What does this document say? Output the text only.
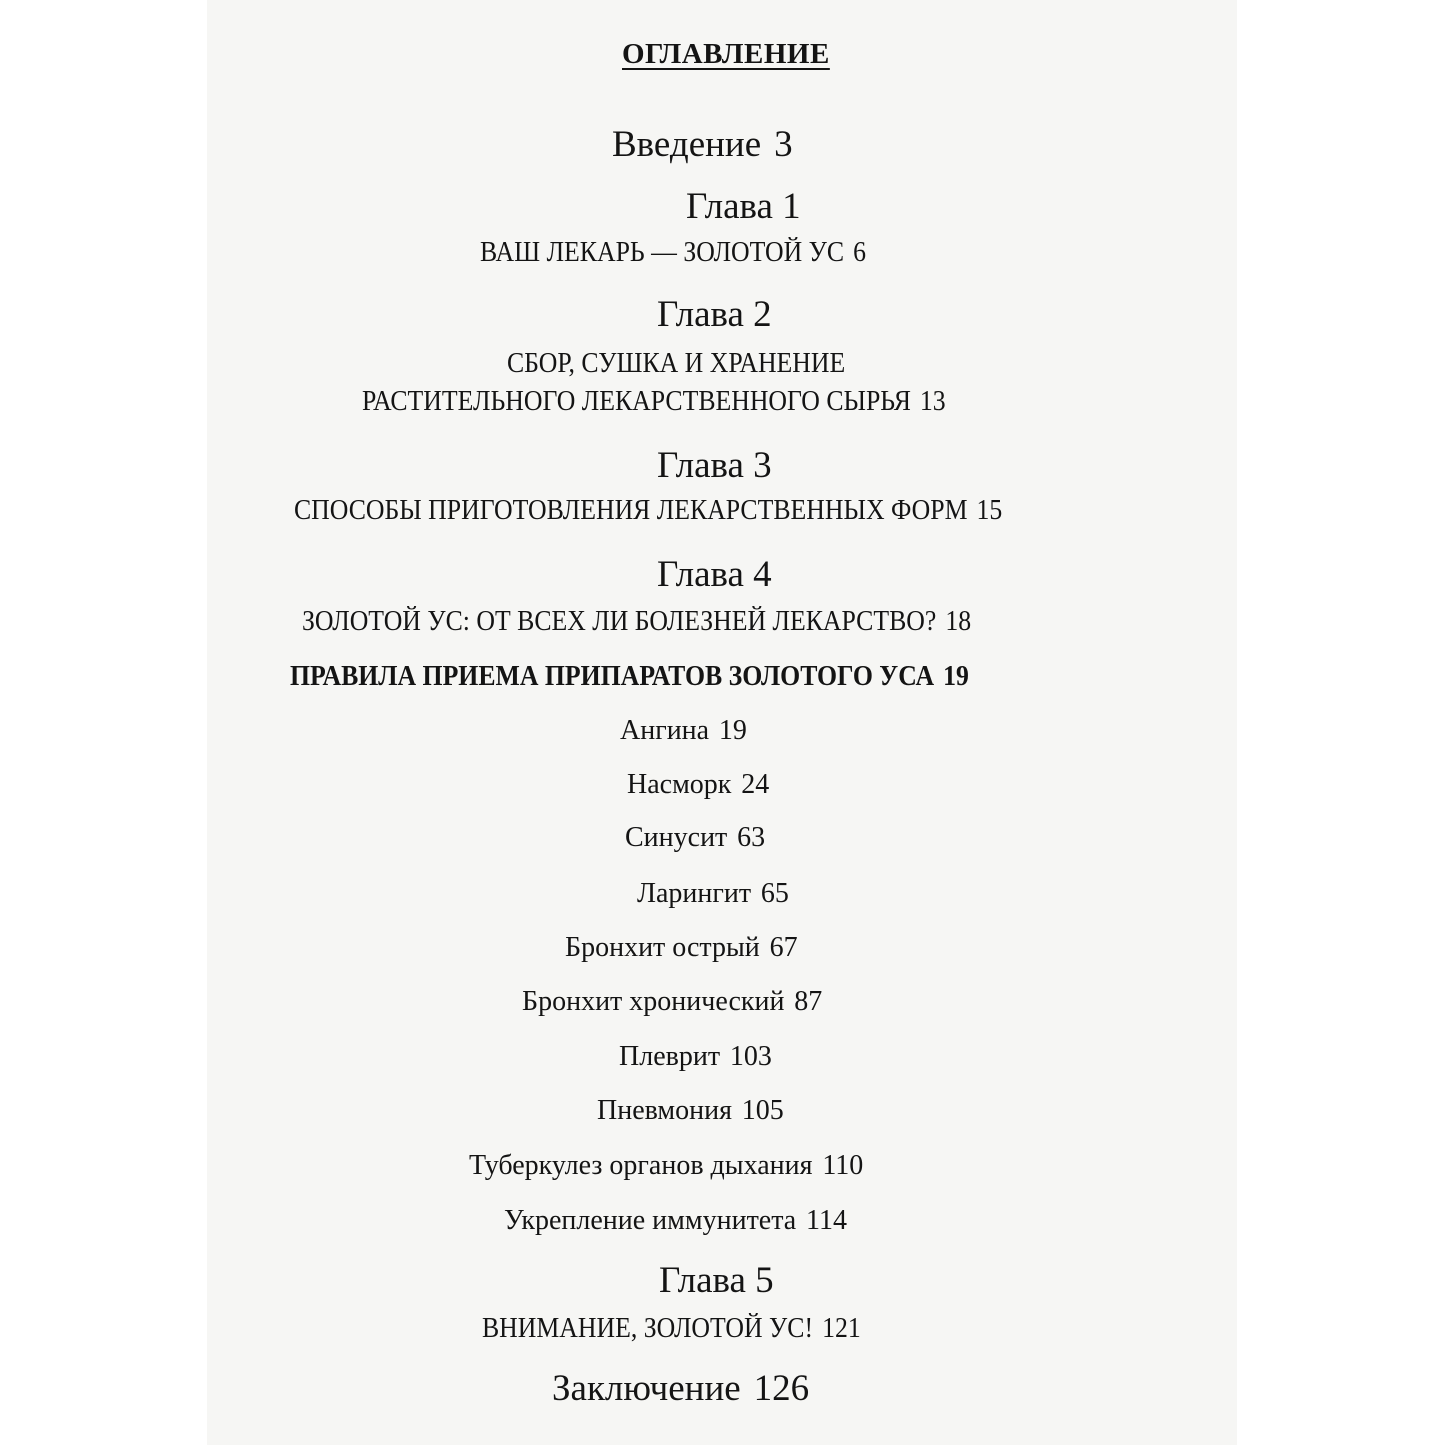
ОГЛАВЛЕНИЕ
Введение 3
Глава 1
ВАШ ЛЕКАРЬ — ЗОЛОТОЙ УС 6
Глава 2
СБОР, СУШКА И ХРАНЕНИЕ
РАСТИТЕЛЬНОГО ЛЕКАРСТВЕННОГО СЫРЬЯ 13
Глава 3
СПОСОБЫ ПРИГОТОВЛЕНИЯ ЛЕКАРСТВЕННЫХ ФОРМ 15
Глава 4
ЗОЛОТОЙ УС: ОТ ВСЕХ ЛИ БОЛЕЗНЕЙ ЛЕКАРСТВО? 18
ПРАВИЛА ПРИЕМА ПРИПАРАТОВ ЗОЛОТОГО УСА 19
Ангина 19
Насморк 24
Синусит 63
Ларингит 65
Бронхит острый 67
Бронхит хронический 87
Плеврит 103
Пневмония 105
Туберкулез органов дыхания 110
Укрепление иммунитета 114
Глава 5
ВНИМАНИЕ, ЗОЛОТОЙ УС! 121
Заключение 126
